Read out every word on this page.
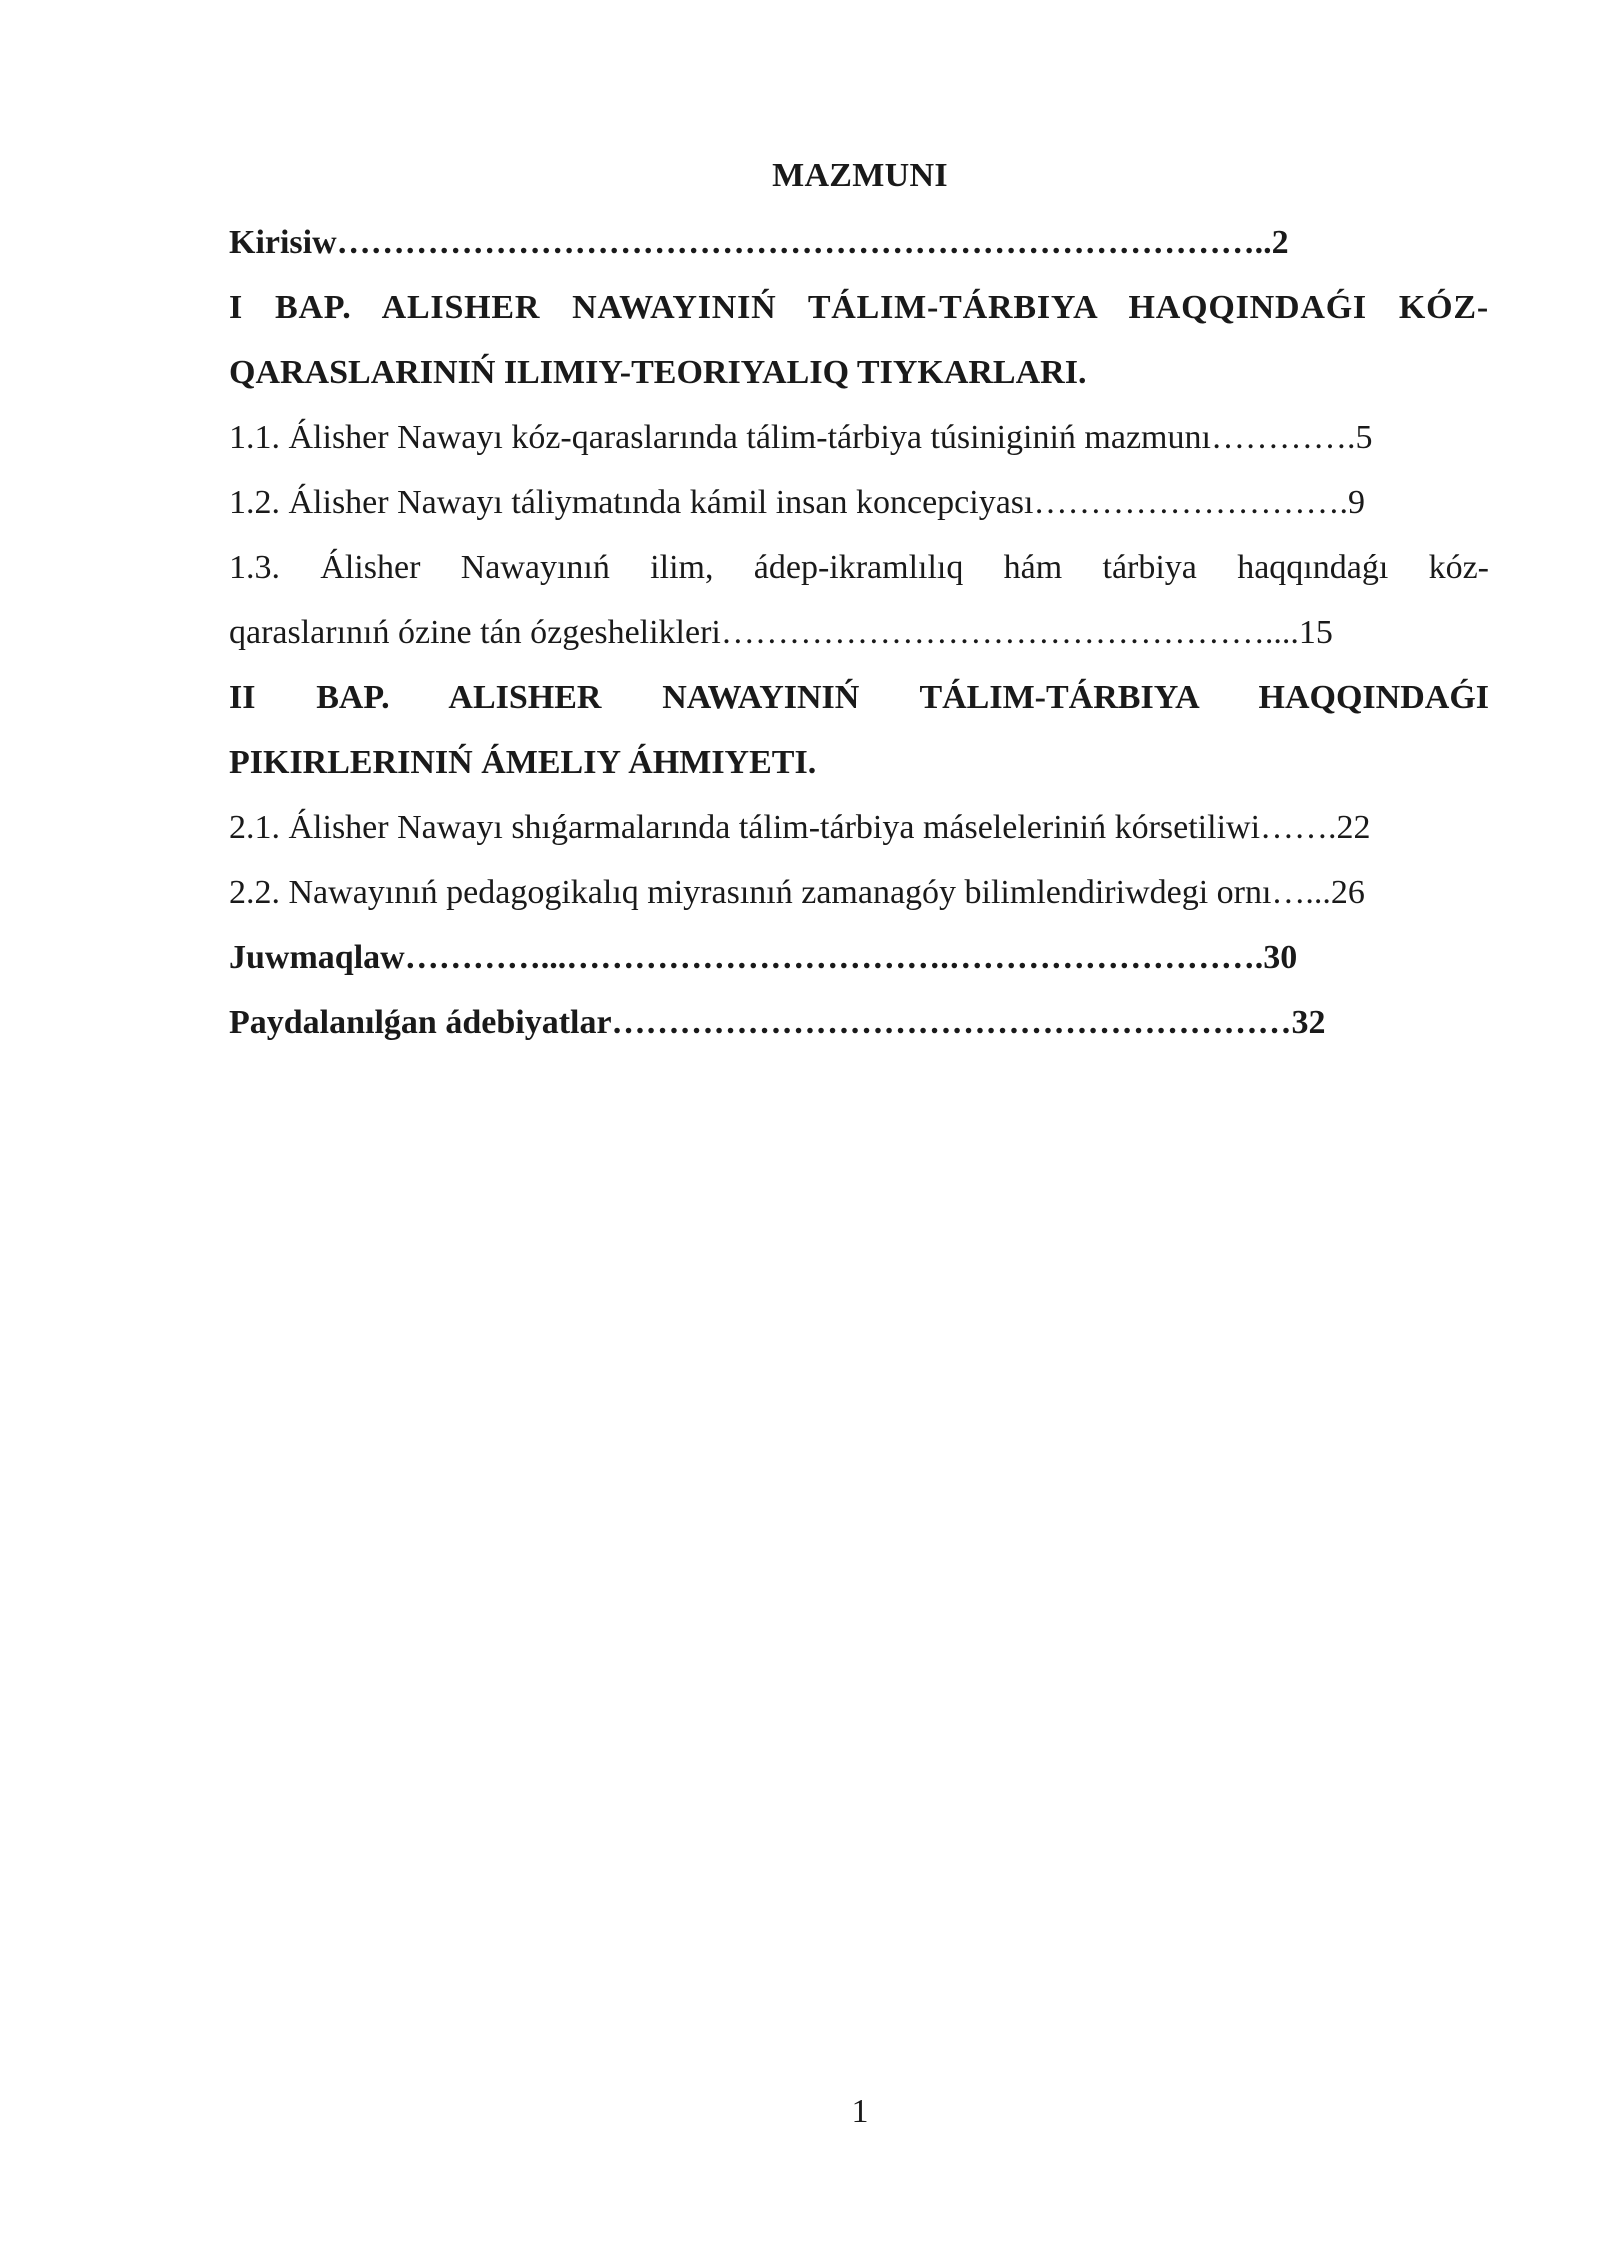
MAZMUNI
Kirisiw………………………………………………………………………..2
I BAP. ALISHER NAWAYINIŃ TÁLIM-TÁRBIYA HAQQINDAǴI KÓZ-
QARASLARINIŃ ILIMIY-TEORIYALIQ TIYKARLARI.
1.1. Álisher Nawayı kóz-qaraslarında tálim-tárbiya túsiniginiń mazmunı………….5
1.2. Álisher Nawayı táliymatında kámil insan koncepciyası……………………….9
1.3. Álisher Nawayınıń ilim, ádep-ikramlılıq hám tárbiya haqqındaǵı kóz-
qaraslarınıń ózine tán ózgeshelikleri…………………………………………....15
II BAP. ALISHER NAWAYINIŃ TÁLIM-TÁRBIYA HAQQINDAǴI
PIKIRLERINIŃ ÁMELIY ÁHMIYETI.
2.1. Álisher Nawayı shıǵarmalarında tálim-tárbiya máseleleriniń kórsetiliwi…….22
2.2. Nawayınıń pedagogikalıq miyrasınıń zamanagóy bilimlendiriwdegi ornı…...26
Juwmaqlaw…………...…………………………….……………………….30
Paydalanılǵan ádebiyatlar……………………………………………………32
1
